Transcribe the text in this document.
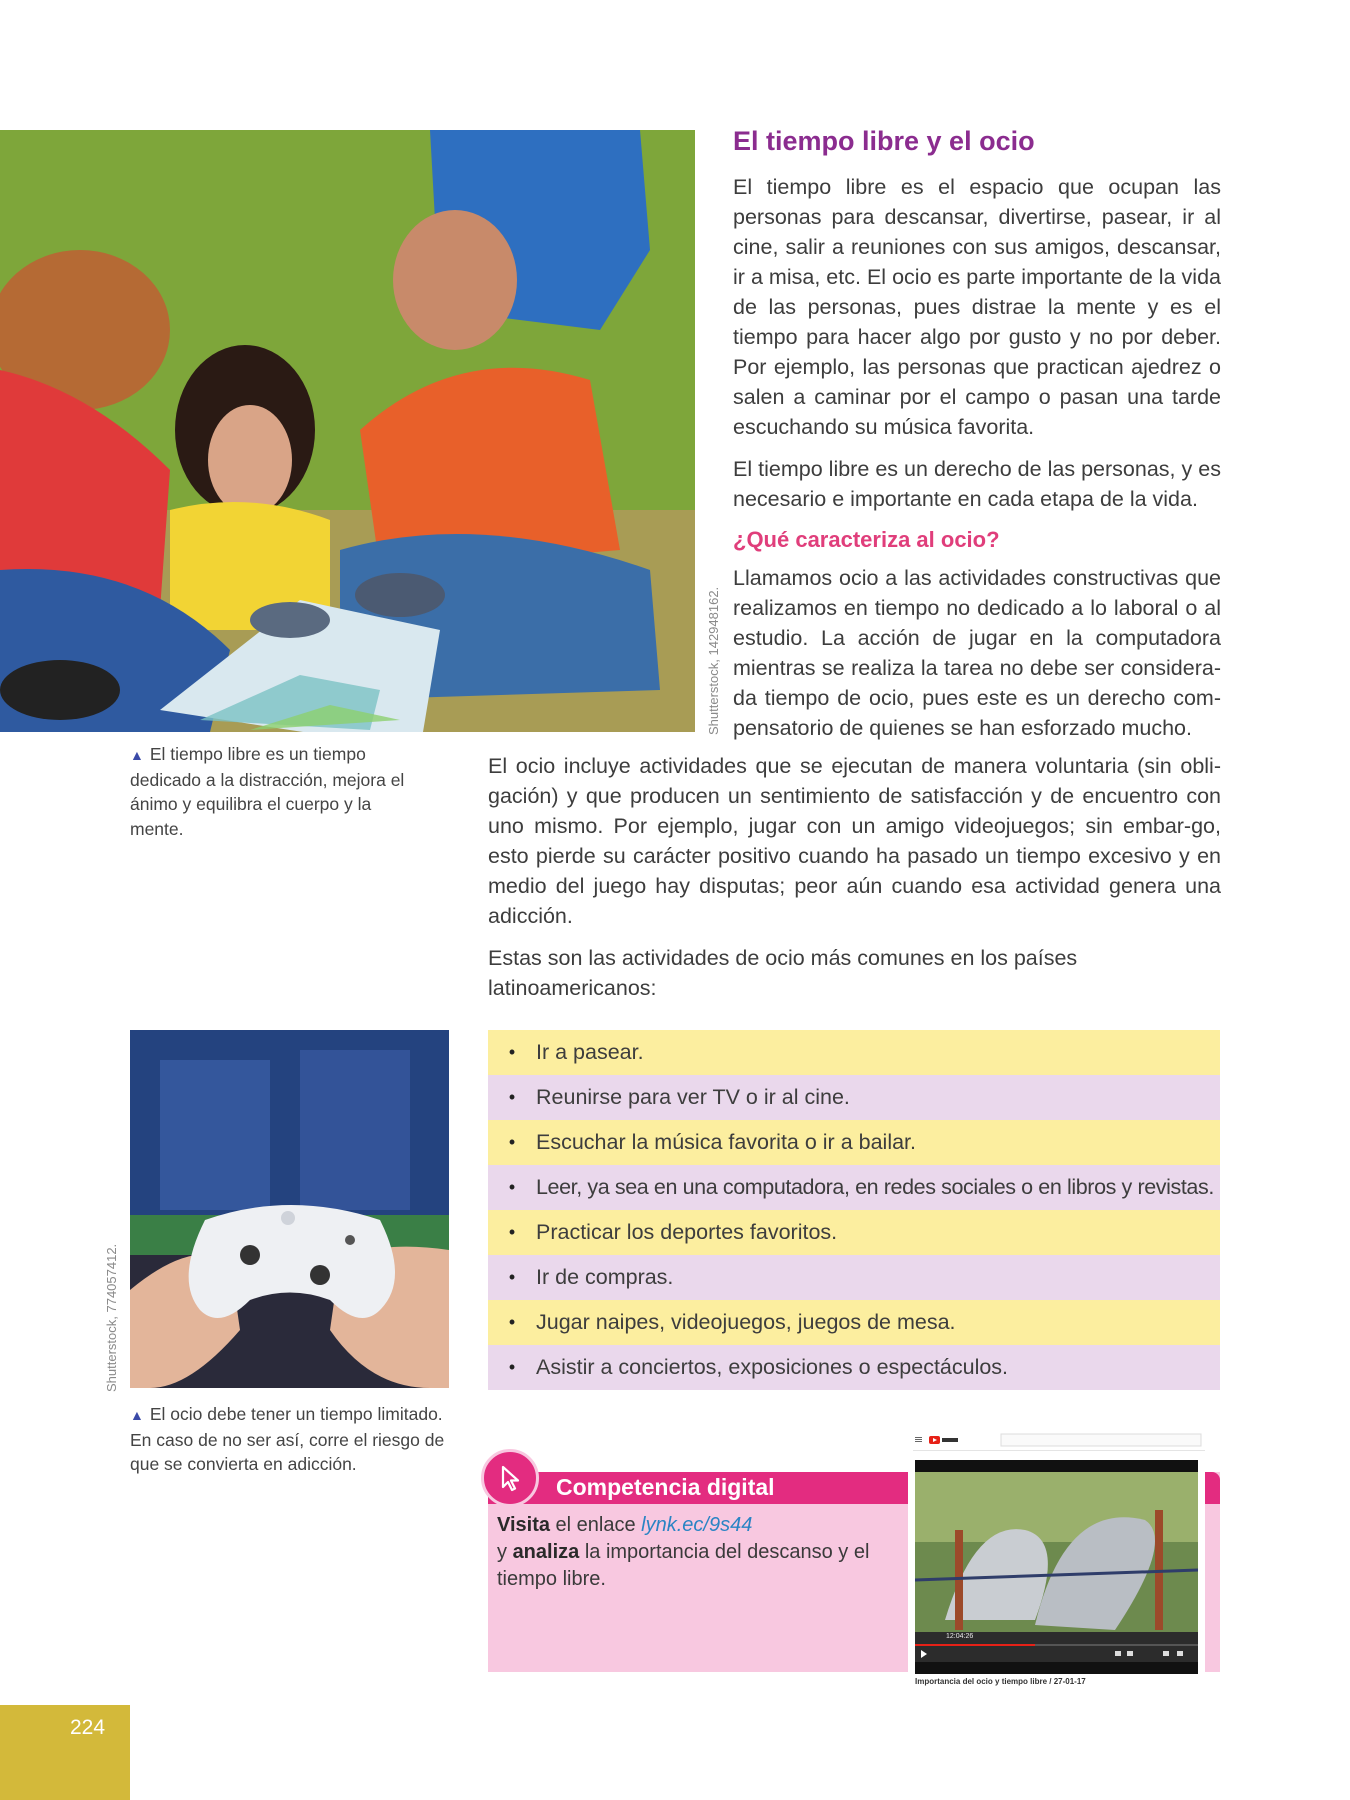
Shutterstock, 142948162.
▲ El tiempo libre es un tiempo dedicado a la distracción, mejora el ánimo y equilibra el cuerpo y la mente.
El tiempo libre y el ocio
El tiempo libre es el espacio que ocupan las personas para descansar, divertirse, pasear, ir al cine, salir a reuniones con sus amigos, descansar, ir a misa, etc. El ocio es parte importante de la vida de las personas, pues distrae la mente y es el tiempo para hacer algo por gusto y no por deber. Por ejemplo, las personas que practican ajedrez o salen a caminar por el campo o pasan una tarde escuchando su música favorita.
El tiempo libre es un derecho de las personas, y es necesario e importante en cada etapa de la vida.
¿Qué caracteriza al ocio?
Llamamos ocio a las actividades constructivas que realizamos en tiempo no dedicado a lo laboral o al estudio. La acción de jugar en la computadora mientras se realiza la tarea no debe ser considera-da tiempo de ocio, pues este es un derecho com-pensatorio de quienes se han esforzado mucho.
El ocio incluye actividades que se ejecutan de manera voluntaria (sin obli-gación) y que producen un sentimiento de satisfacción y de encuentro con uno mismo. Por ejemplo, jugar con un amigo videojuegos; sin embar-go, esto pierde su carácter positivo cuando ha pasado un tiempo excesivo y en medio del juego hay disputas; peor aún cuando esa actividad genera una adicción.
Estas son las actividades de ocio más comunes en los países latinoamericanos:
Shutterstock, 774057412.
▲ El ocio debe tener un tiempo limitado. En caso de no ser así, corre el riesgo de que se convierta en adicción.
• Ir a pasear.
• Reunirse para ver TV o ir al cine.
• Escuchar la música favorita o ir a bailar.
• Leer, ya sea en una computadora, en redes sociales o en libros y revistas.
• Practicar los deportes favoritos.
• Ir de compras.
• Jugar naipes, videojuegos, juegos de mesa.
• Asistir a conciertos, exposiciones o espectáculos.
Competencia digital
Visita el enlace lynk.ec/9s44
y analiza la importancia del descanso y el tiempo libre.
12:04:26
Importancia del ocio y tiempo libre / 27-01-17
224
